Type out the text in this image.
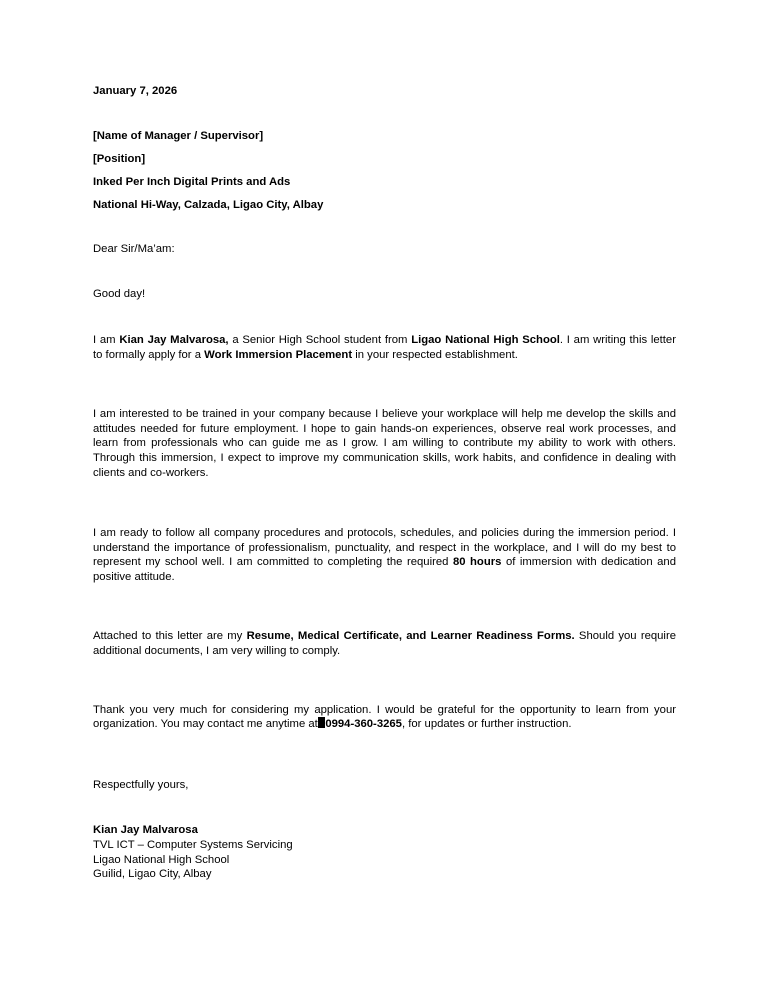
January 7, 2026
[Name of Manager / Supervisor]
[Position]
Inked Per Inch Digital Prints and Ads
National Hi-Way, Calzada, Ligao City, Albay
Dear Sir/Ma’am:
Good day!

I am Kian Jay Malvarosa, a Senior High School student from Ligao National High School. I am writing this letter to formally apply for a Work Immersion Placement in your respected establishment.

I am interested to be trained in your company because I believe your workplace will help me develop the skills and attitudes needed for future employment. I hope to gain hands-on experiences, observe real work processes, and learn from professionals who can guide me as I grow. I am willing to contribute my ability to work with others. Through this immersion, I expect to improve my communication skills, work habits, and confidence in dealing with clients and co-workers.

I am ready to follow all company procedures and protocols, schedules, and policies during the immersion period. I understand the importance of professionalism, punctuality, and respect in the workplace, and I will do my best to represent my school well. I am committed to completing the required 80 hours of immersion with dedication and positive attitude.

Attached to this letter are my Resume, Medical Certificate, and Learner Readiness Forms. Should you require additional documents, I am very willing to comply.

Thank you very much for considering my application. I would be grateful for the opportunity to learn from your organization. You may contact me anytime at 0994-360-3265, for updates or further instruction.

Respectfully yours,
Kian Jay Malvarosa
TVL ICT – Computer Systems Servicing
Ligao National High School
Guilid, Ligao City, Albay
